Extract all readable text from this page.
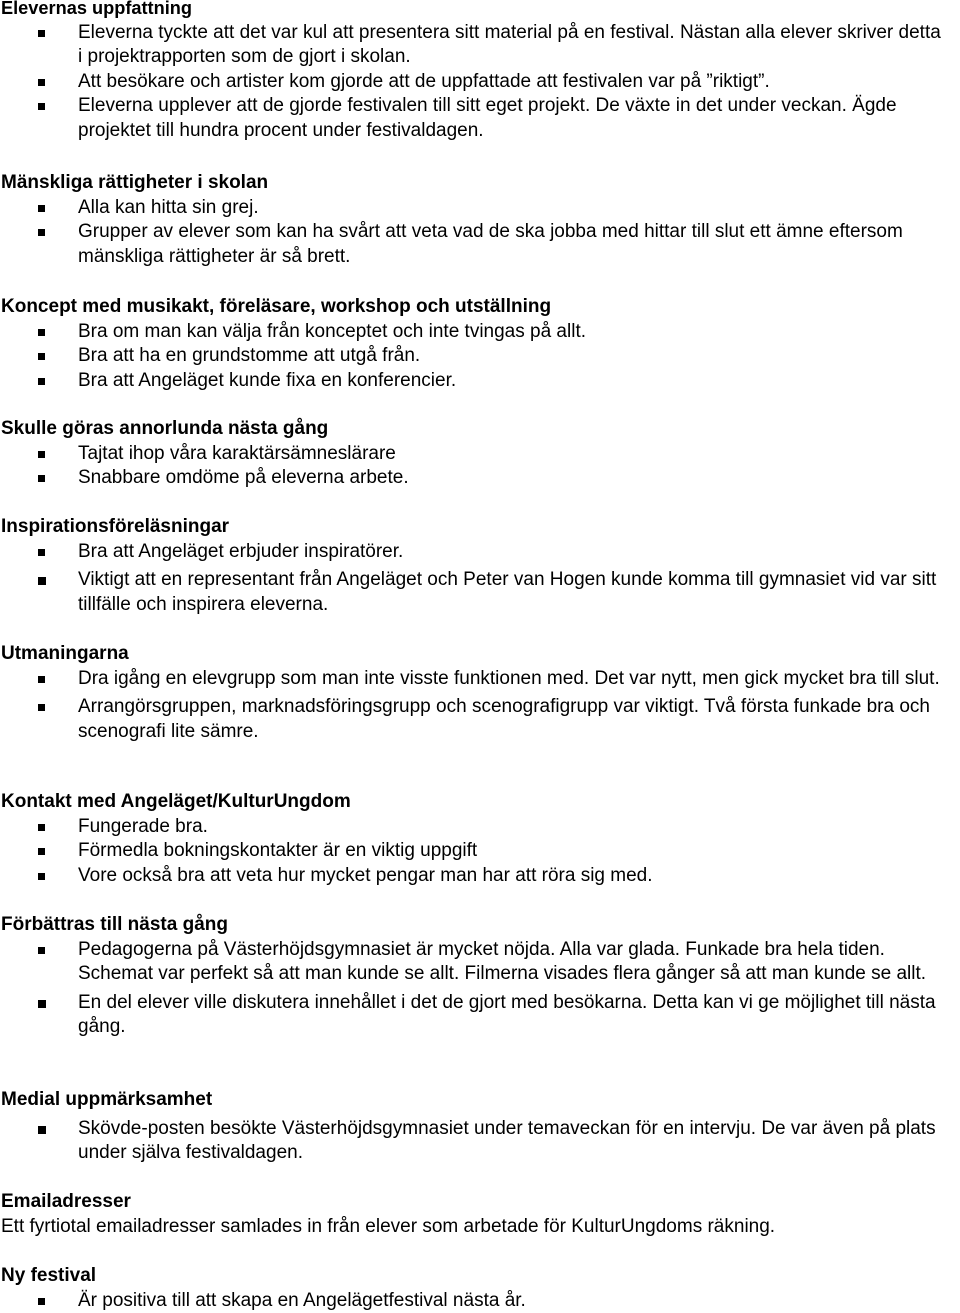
Elevernas uppfattning
Eleverna tyckte att det var kul att presentera sitt material på en festival. Nästan alla elever skriver detta i projektrapporten som de gjort i skolan.
Att besökare och artister kom gjorde att de uppfattade att festivalen var på ”riktigt”.
Eleverna upplever att de gjorde festivalen till sitt eget projekt. De växte in det under veckan. Ägde projektet till hundra procent under festivaldagen.
Mänskliga rättigheter i skolan
Alla kan hitta sin grej.
Grupper av elever som kan ha svårt att veta vad de ska jobba med hittar till slut ett ämne eftersom mänskliga rättigheter är så brett.
Koncept med musikakt, föreläsare, workshop och utställning
Bra om man kan välja från konceptet och inte tvingas på allt.
Bra att ha en grundstomme att utgå från.
Bra att Angeläget kunde fixa en konferencier.
Skulle göras annorlunda nästa gång
Tajtat ihop våra karaktärsämneslärare
Snabbare omdöme på eleverna arbete.
Inspirationsföreläsningar
Bra att Angeläget erbjuder inspiratörer.
Viktigt att en representant från Angeläget och Peter van Hogen kunde komma till gymnasiet vid var sitt tillfälle och inspirera eleverna.
Utmaningarna
Dra igång en elevgrupp som man inte visste funktionen med. Det var nytt, men gick mycket bra till slut.
Arrangörsgruppen, marknadsföringsgrupp och scenografigrupp var viktigt. Två första funkade bra och scenografi lite sämre.
Kontakt med Angeläget/KulturUngdom
Fungerade bra.
Förmedla bokningskontakter är en viktig uppgift
Vore också bra att veta hur mycket pengar man har att röra sig med.
Förbättras till nästa gång
Pedagogerna på Västerhöjdsgymnasiet är mycket nöjda. Alla var glada. Funkade bra hela tiden. Schemat var perfekt så att man kunde se allt. Filmerna visades flera gånger så att man kunde se allt.
En del elever ville diskutera innehållet i det de gjort med besökarna. Detta kan vi ge möjlighet till nästa gång.
Medial uppmärksamhet
Skövde-posten besökte Västerhöjdsgymnasiet under temaveckan för en intervju. De var även på plats under själva festivaldagen.
Emailadresser
Ett fyrtiotal emailadresser samlades in från elever som arbetade för KulturUngdoms räkning.
Ny festival
Är positiva till att skapa en Angelägetfestival nästa år.
